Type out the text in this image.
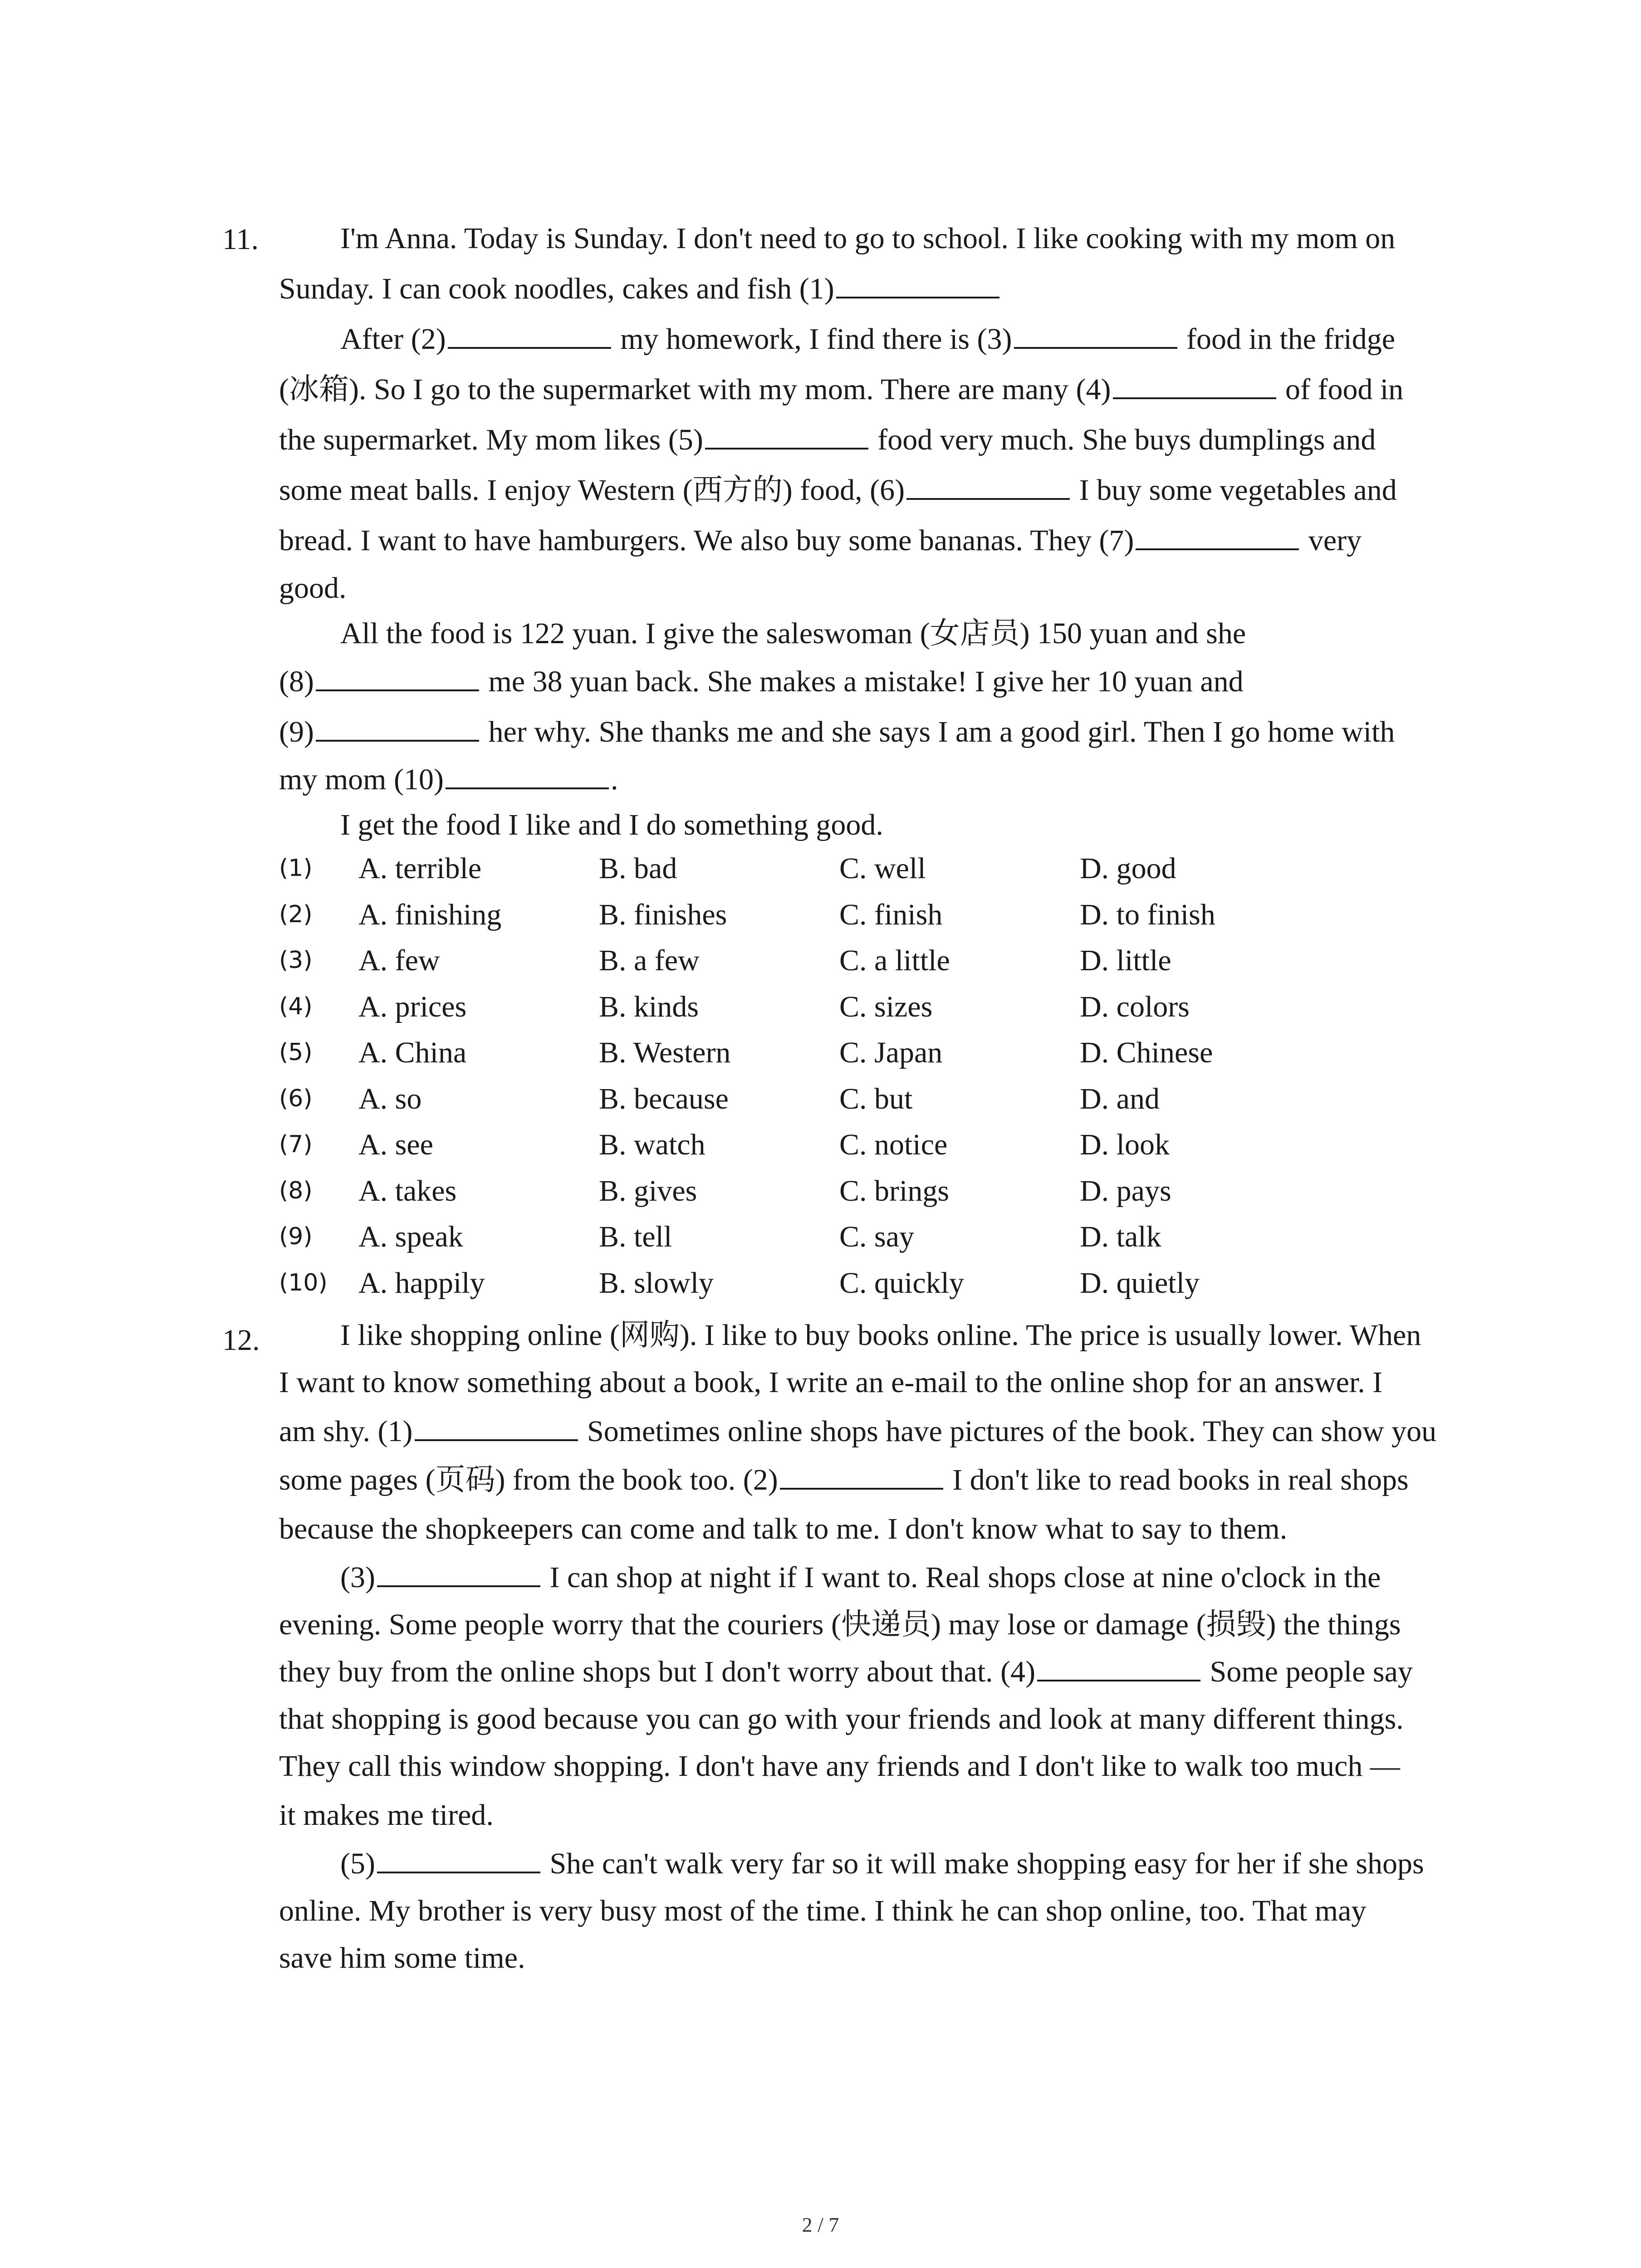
11.	I'm Anna. Today is Sunday. I don't need to go to school. I like cooking with my mom on
Sunday. I can cook noodles, cakes and fish (1)
After (2)	my homework, I find there is (3)	food in the fridge
(冰箱). So I go to the supermarket with my mom. There are many (4)	of food in
the supermarket. My mom likes (5)	food very much. She buys dumplings and
some meat balls. I enjoy Western (西方的) food, (6)	I buy some vegetables and
bread. I want to have hamburgers. We also buy some bananas. They (7)	very
good.
All the food is 122 yuan. I give the saleswoman (女店员) 150 yuan and she
(8)	me 38 yuan back. She makes a mistake! I give her 10 yuan and
(9)	her why. She thanks me and she says I am a good girl. Then I go home with
my mom (10)	.
I get the food I like and I do something good.
(1) A. terrible	B. bad	C. well	D. good
(2) A. finishing	B. finishes	C. finish	D. to finish
(3) A. few	B. a few	C. a little	D. little
(4) A. prices	B. kinds	C. sizes	D. colors
(5) A. China	B. Western	C. Japan	D. Chinese
(6) A. so	B. because	C. but	D. and
(7) A. see	B. watch	C. notice	D. look
(8) A. takes	B. gives	C. brings	D. pays
(9) A. speak	B. tell	C. say	D. talk
(10) A. happily	B. slowly	C. quickly	D. quietly
12.	I like shopping online (网购). I like to buy books online. The price is usually lower. When
I want to know something about a book, I write an e-mail to the online shop for an answer. I
am shy. (1)	Sometimes online shops have pictures of the book. They can show you
some pages (页码) from the book too. (2)	I don't like to read books in real shops
because the shopkeepers can come and talk to me. I don't know what to say to them.
(3)	I can shop at night if I want to. Real shops close at nine o'clock in the
evening. Some people worry that the couriers (快递员) may lose or damage (损毁) the things
they buy from the online shops but I don't worry about that. (4)	Some people say
that shopping is good because you can go with your friends and look at many different things.
They call this window shopping. I don't have any friends and I don't like to walk too much —
it makes me tired.
(5)	She can't walk very far so it will make shopping easy for her if she shops
online. My brother is very busy most of the time. I think he can shop online, too. That may
save him some time.
2 / 7
